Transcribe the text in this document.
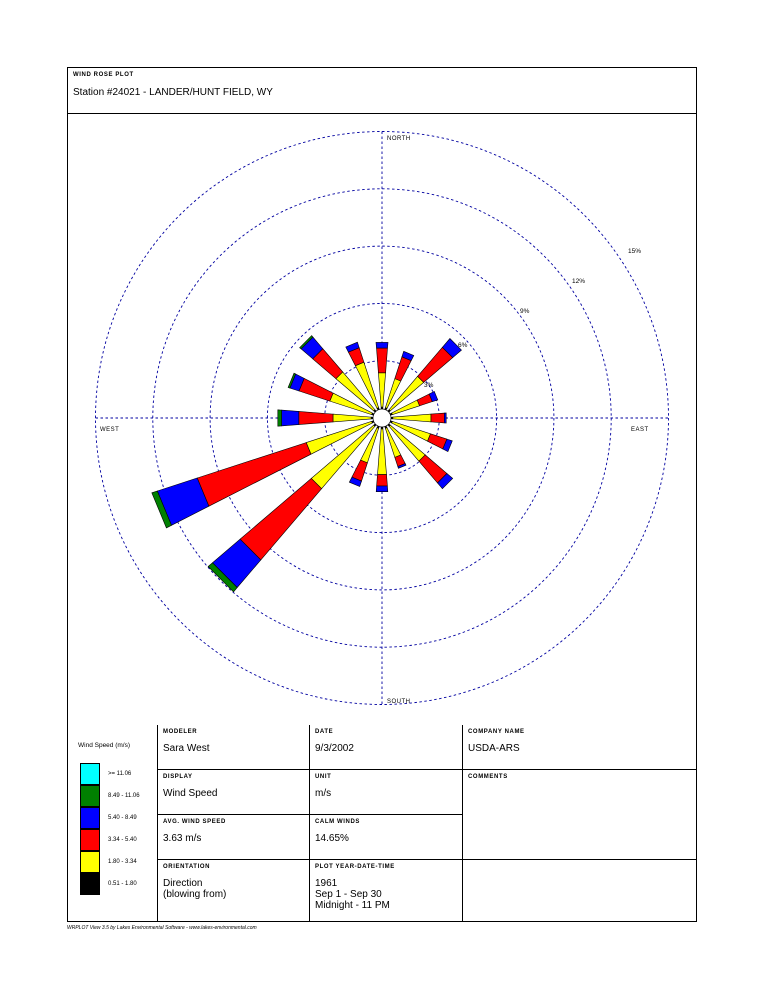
WIND ROSE PLOT
Station #24021 - LANDER/HUNT FIELD, WY
3%
6%
9%
12%
15%
NORTH
SOUTH
WEST	EAST
Wind Speed (m/s)
>= 11.06
8.49 - 11.06
5.40 - 8.49
3.34 - 5.40
1.80 - 3.34
0.51 - 1.80
MODELER
Sara West
DATE
9/3/2002
COMPANY NAME
USDA-ARS
DISPLAY
Wind Speed
UNIT
m/s
COMMENTS
AVG. WIND SPEED
3.63 m/s
CALM WINDS
14.65%
ORIENTATION
Direction
(blowing from)
PLOT YEAR-DATE-TIME
1961
Sep 1 - Sep 30
Midnight - 11 PM
WRPLOT View 3.5 by Lakes Environmental Software - www.lakes-environmental.com
